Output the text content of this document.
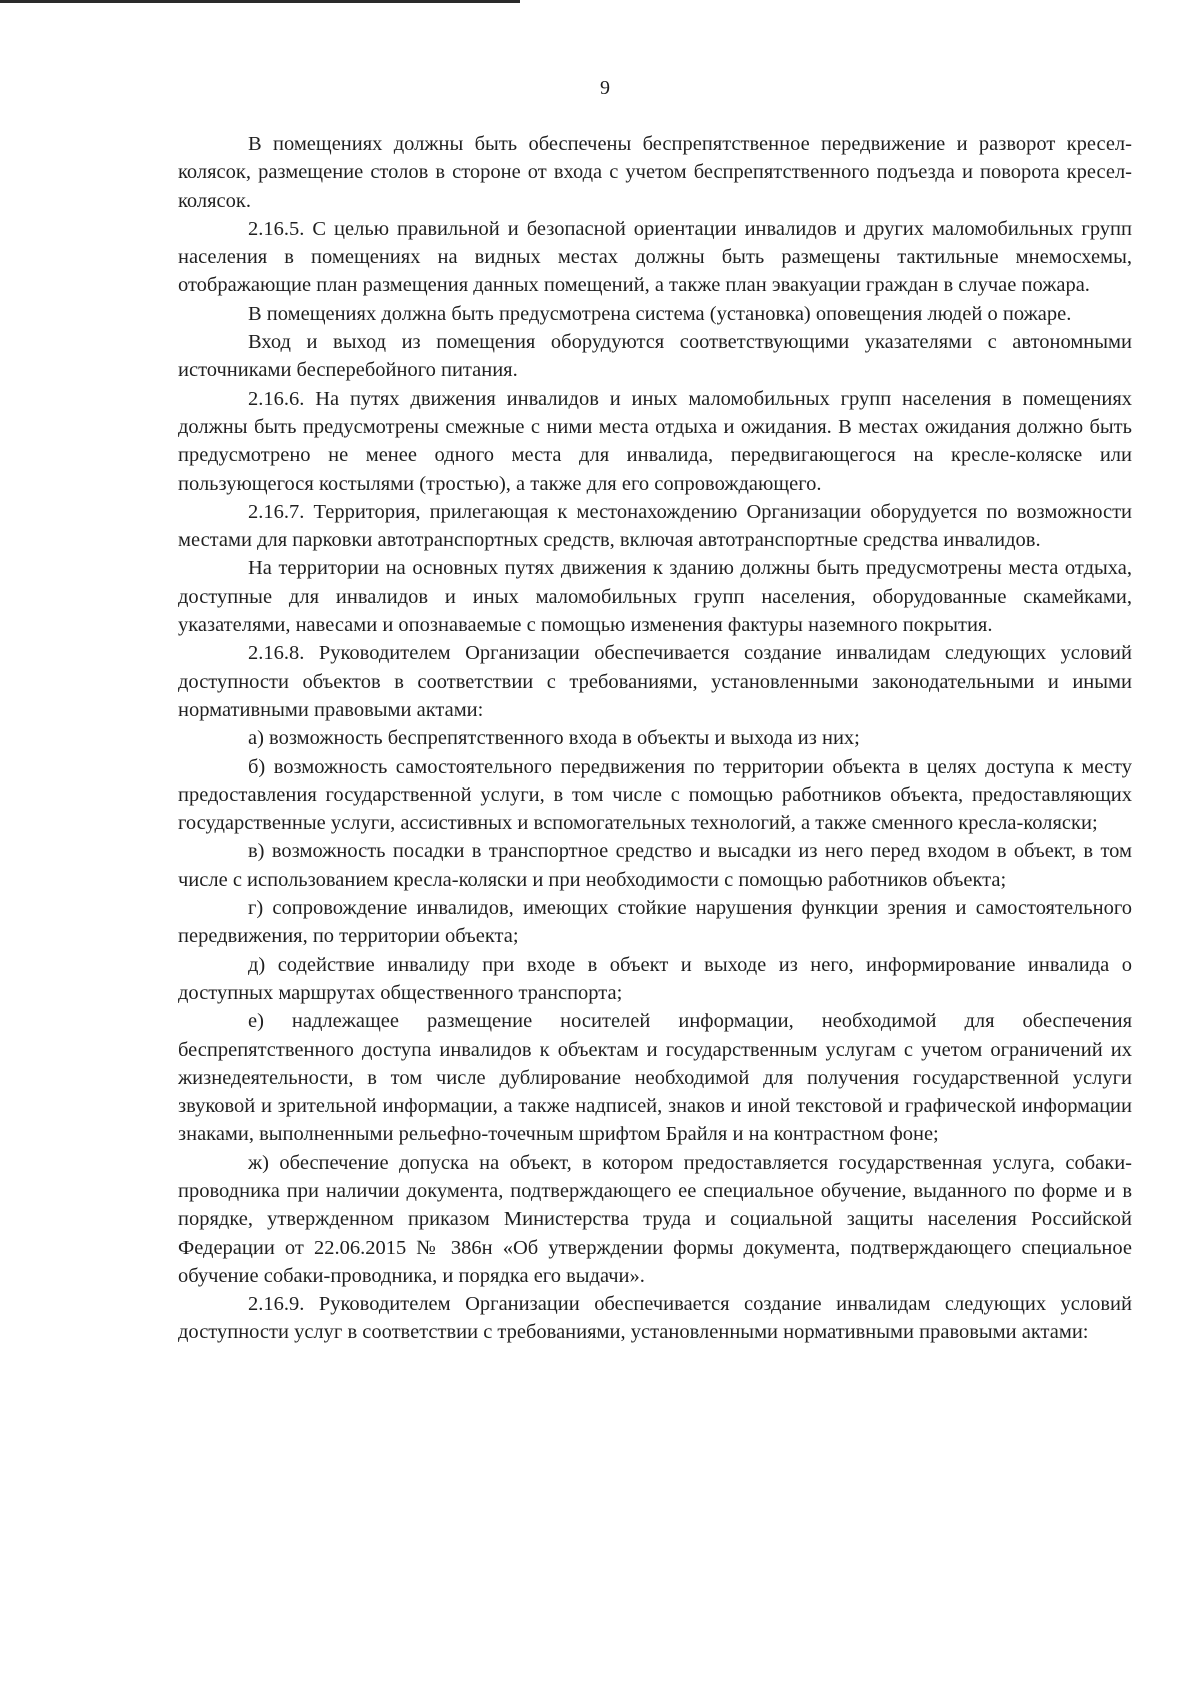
9

В помещениях должны быть обеспечены беспрепятственное передвижение и разворот кресел-колясок, размещение столов в стороне от входа с учетом беспрепятственного подъезда и поворота кресел-колясок.

2.16.5. С целью правильной и безопасной ориентации инвалидов и других маломобильных групп населения в помещениях на видных местах должны быть размещены тактильные мнемосхемы, отображающие план размещения данных помещений, а также план эвакуации граждан в случае пожара.

В помещениях должна быть предусмотрена система (установка) оповещения людей о пожаре.

Вход и выход из помещения оборудуются соответствующими указателями с автономными источниками бесперебойного питания.

2.16.6. На путях движения инвалидов и иных маломобильных групп населения в помещениях должны быть предусмотрены смежные с ними места отдыха и ожидания. В местах ожидания должно быть предусмотрено не менее одного места для инвалида, передвигающегося на кресле-коляске или пользующегося костылями (тростью), а также для его сопровождающего.

2.16.7. Территория, прилегающая к местонахождению Организации оборудуется по возможности местами для парковки автотранспортных средств, включая автотранспортные средства инвалидов.

На территории на основных путях движения к зданию должны быть предусмотрены места отдыха, доступные для инвалидов и иных маломобильных групп населения, оборудованные скамейками, указателями, навесами и опознаваемые с помощью изменения фактуры наземного покрытия.

2.16.8. Руководителем Организации обеспечивается создание инвалидам следующих условий доступности объектов в соответствии с требованиями, установленными законодательными и иными нормативными правовыми актами:

а) возможность беспрепятственного входа в объекты и выхода из них;

б) возможность самостоятельного передвижения по территории объекта в целях доступа к месту предоставления государственной услуги, в том числе с помощью работников объекта, предоставляющих государственные услуги, ассистивных и вспомогательных технологий, а также сменного кресла-коляски;

в) возможность посадки в транспортное средство и высадки из него перед входом в объект, в том числе с использованием кресла-коляски и при необходимости с помощью работников объекта;

г) сопровождение инвалидов, имеющих стойкие нарушения функции зрения и самостоятельного передвижения, по территории объекта;

д) содействие инвалиду при входе в объект и выходе из него, информирование инвалида о доступных маршрутах общественного транспорта;

е) надлежащее размещение носителей информации, необходимой для обеспечения беспрепятственного доступа инвалидов к объектам и государственным услугам с учетом ограничений их жизнедеятельности, в том числе дублирование необходимой для получения государственной услуги звуковой и зрительной информации, а также надписей, знаков и иной текстовой и графической информации знаками, выполненными рельефно-точечным шрифтом Брайля и на контрастном фоне;

ж) обеспечение допуска на объект, в котором предоставляется государственная услуга, собаки-проводника при наличии документа, подтверждающего ее специальное обучение, выданного по форме и в порядке, утвержденном приказом Министерства труда и социальной защиты населения Российской Федерации от 22.06.2015 № 386н «Об утверждении формы документа, подтверждающего специальное обучение собаки-проводника, и порядка его выдачи».

2.16.9. Руководителем Организации обеспечивается создание инвалидам следующих условий доступности услуг в соответствии с требованиями, установленными нормативными правовыми актами:
